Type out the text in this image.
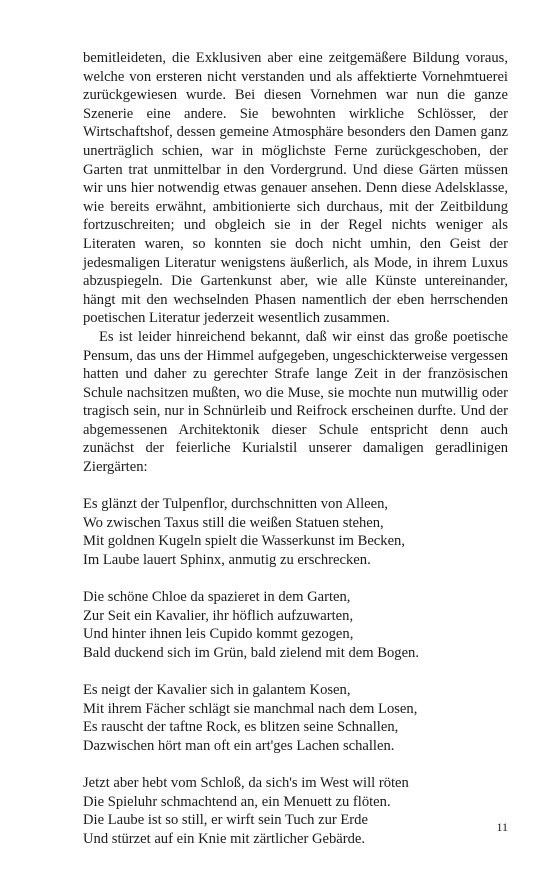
bemitleideten, die Exklusiven aber eine zeitgemäßere Bildung voraus, welche von ersteren nicht verstanden und als affektierte Vornehmtuerei zurückgewiesen wurde. Bei diesen Vornehmen war nun die ganze Szenerie eine andere. Sie bewohnten wirkliche Schlösser, der Wirtschaftshof, dessen gemeine Atmosphäre besonders den Damen ganz unerträglich schien, war in möglichste Ferne zurückgeschoben, der Garten trat unmittelbar in den Vordergrund. Und diese Gärten müssen wir uns hier notwendig etwas genauer ansehen. Denn diese Adelsklasse, wie bereits erwähnt, ambitionierte sich durchaus, mit der Zeitbildung fortzuschreiten; und obgleich sie in der Regel nichts weniger als Literaten waren, so konnten sie doch nicht umhin, den Geist der jedesmaligen Literatur wenigstens äußerlich, als Mode, in ihrem Luxus abzuspiegeln. Die Gartenkunst aber, wie alle Künste untereinander, hängt mit den wechselnden Phasen namentlich der eben herrschenden poetischen Literatur jederzeit wesentlich zusammen.

Es ist leider hinreichend bekannt, daß wir einst das große poetische Pensum, das uns der Himmel aufgegeben, ungeschickterweise vergessen hatten und daher zu gerechter Strafe lange Zeit in der französischen Schule nachsitzen mußten, wo die Muse, sie mochte nun mutwillig oder tragisch sein, nur in Schnürleib und Reifrock erscheinen durfte. Und der abgemessenen Architektonik dieser Schule entspricht denn auch zunächst der feierliche Kurialstil unserer damaligen geradlinigen Ziergärten:

Es glänzt der Tulpenflor, durchschnitten von Alleen,
Wo zwischen Taxus still die weißen Statuen stehen,
Mit goldnen Kugeln spielt die Wasserkunst im Becken,
Im Laube lauert Sphinx, anmutig zu erschrecken.
Die schöne Chloe da spazieret in dem Garten,
Zur Seit ein Kavalier, ihr höflich aufzuwarten,
Und hinter ihnen leis Cupido kommt gezogen,
Bald duckend sich im Grün, bald zielend mit dem Bogen.
Es neigt der Kavalier sich in galantem Kosen,
Mit ihrem Fächer schlägt sie manchmal nach dem Losen,
Es rauscht der taftne Rock, es blitzen seine Schnallen,
Dazwischen hört man oft ein art'ges Lachen schallen.
Jetzt aber hebt vom Schloß, da sich's im West will röten
Die Spieluhr schmachtend an, ein Menuett zu flöten.
Die Laube ist so still, er wirft sein Tuch zur Erde
Und stürzet auf ein Knie mit zärtlicher Gebärde.
11
